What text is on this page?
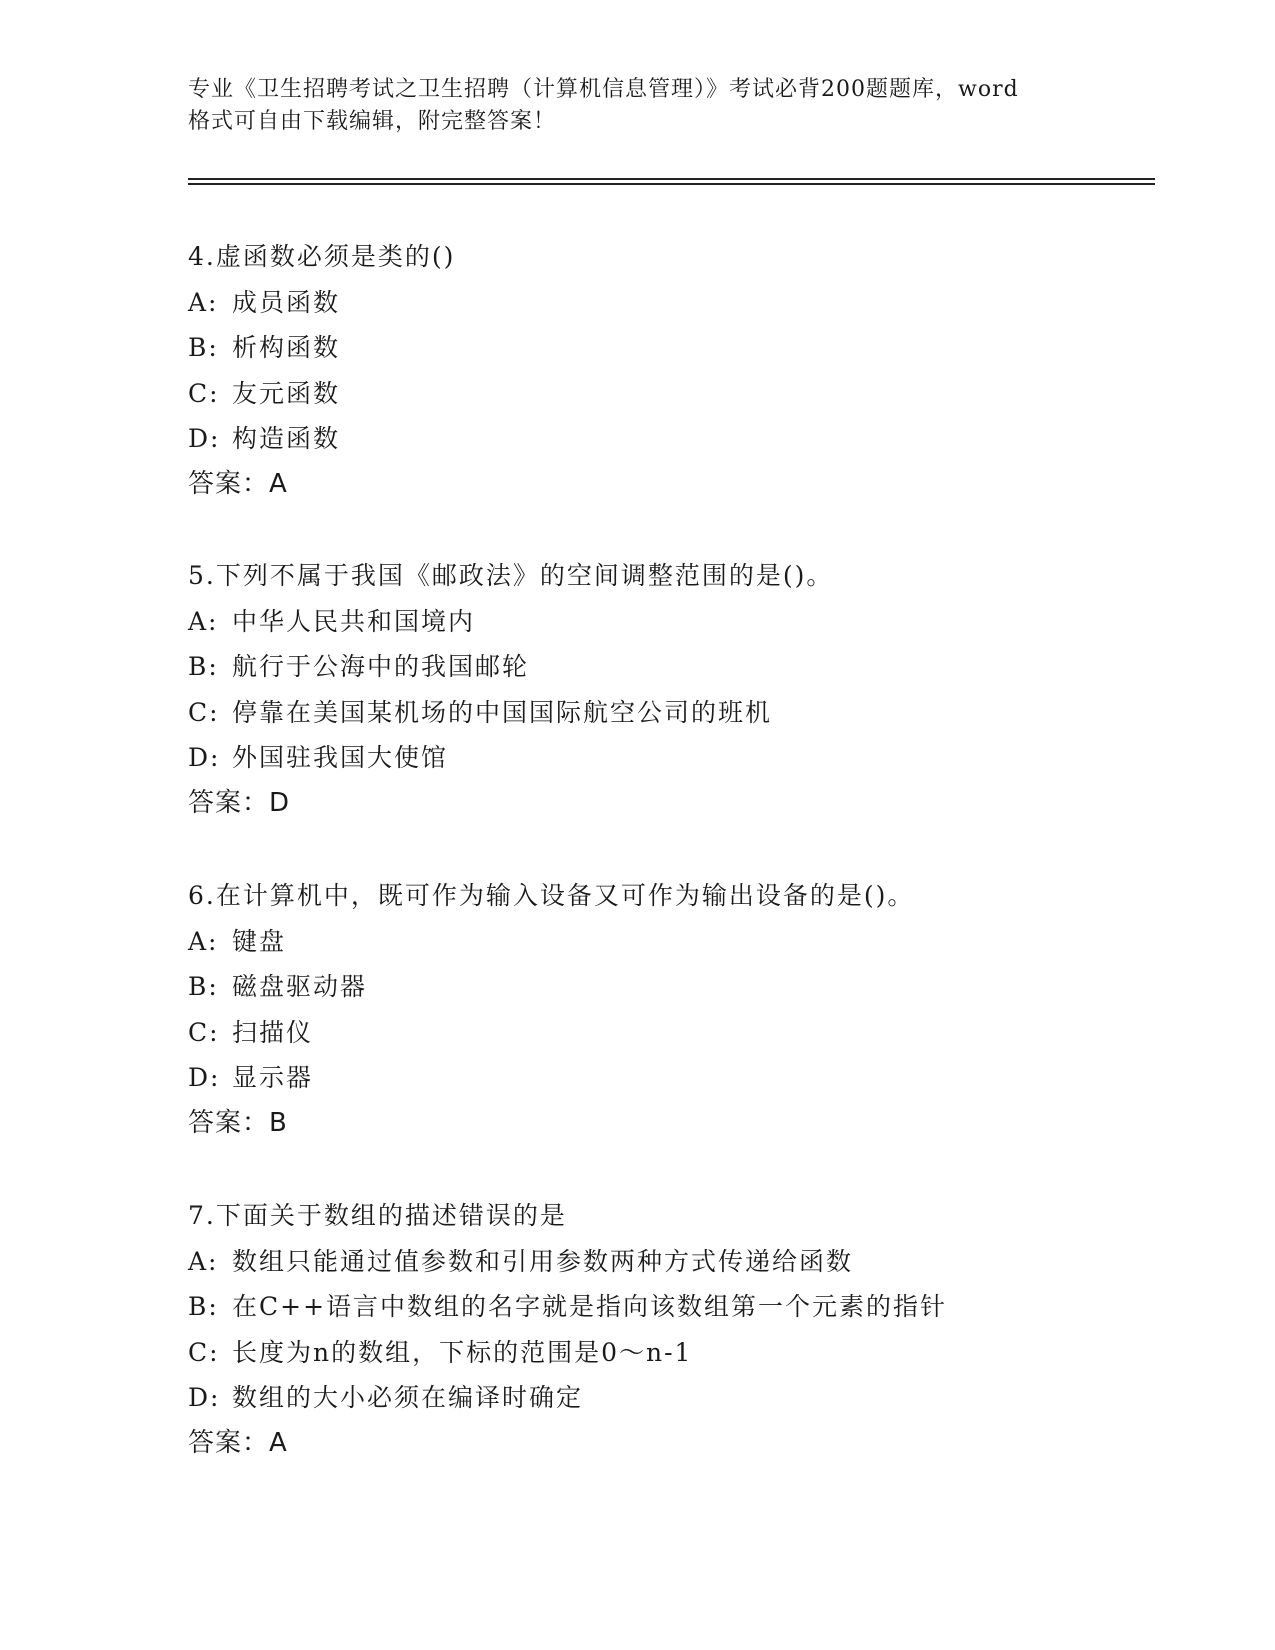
专业《卫生招聘考试之卫生招聘（计算机信息管理）》考试必背200题题库，word
格式可自由下载编辑，附完整答案！
4.虚函数必须是类的()
A: 成员函数
B: 析构函数
C: 友元函数
D: 构造函数
答案：A
5.下列不属于我国《邮政法》的空间调整范围的是()。
A: 中华人民共和国境内
B: 航行于公海中的我国邮轮
C: 停靠在美国某机场的中国国际航空公司的班机
D: 外国驻我国大使馆
答案：D
6.在计算机中，既可作为输入设备又可作为输出设备的是()。
A: 键盘
B: 磁盘驱动器
C: 扫描仪
D: 显示器
答案：B
7.下面关于数组的描述错误的是
A: 数组只能通过值参数和引用参数两种方式传递给函数
B: 在C++语言中数组的名字就是指向该数组第一个元素的指针
C: 长度为n的数组，下标的范围是0～n-1
D: 数组的大小必须在编译时确定
答案：A
